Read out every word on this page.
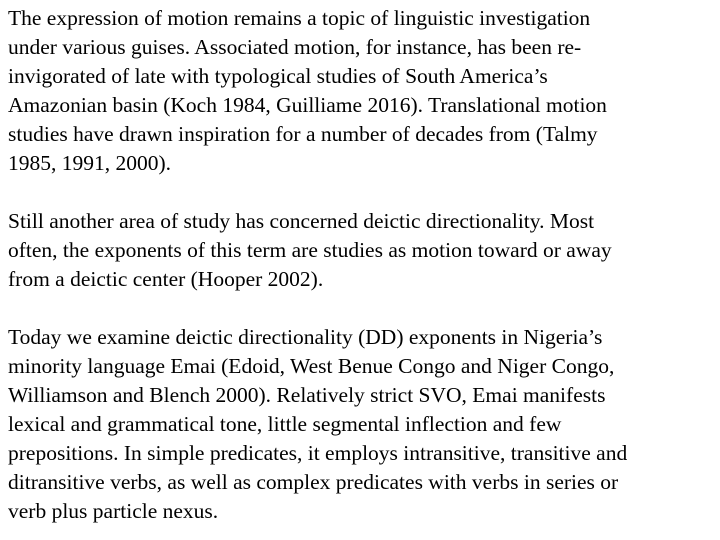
The expression of motion remains a topic of linguistic investigation
under various guises. Associated motion, for instance, has been re-
invigorated of late with typological studies of South America’s
Amazonian basin (Koch 1984, Guilliame 2016). Translational motion
studies have drawn inspiration for a number of decades from (Talmy
1985, 1991, 2000).

Still another area of study has concerned deictic directionality. Most
often, the exponents of this term are studies as motion toward or away
from a deictic center (Hooper 2002).

Today we examine deictic directionality (DD) exponents in Nigeria’s
minority language Emai (Edoid, West Benue Congo and Niger Congo,
Williamson and Blench 2000). Relatively strict SVO, Emai manifests
lexical and grammatical tone, little segmental inflection and few
prepositions. In simple predicates, it employs intransitive, transitive and
ditransitive verbs, as well as complex predicates with verbs in series or
verb plus particle nexus.
